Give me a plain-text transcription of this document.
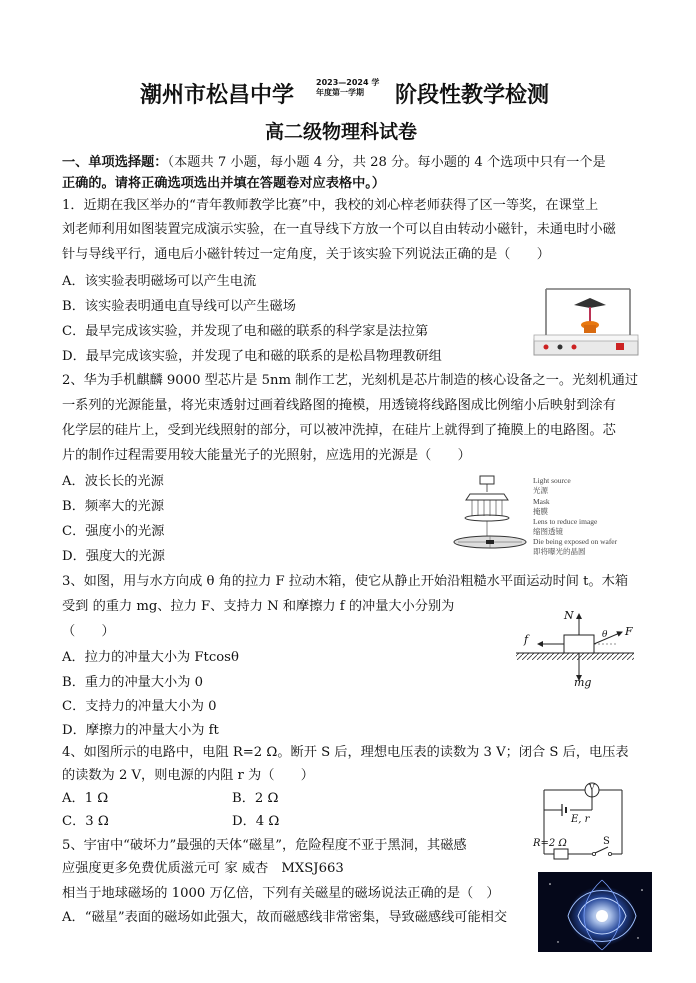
潮州市松昌中学
2023—2024 学
年度第一学期	阶段性教学检测
高二级物理科试卷
一、单项选择题：（本题共 7 小题，每小题 4 分，共 28 分。每小题的 4 个选项中只有一个是
正确的。请将正确选项选出并填在答题卷对应表格中。）
1．近期在我区举办的“青年教师教学比赛”中，我校的刘心梓老师获得了区一等奖，在课堂上
刘老师利用如图装置完成演示实验，在一直导线下方放一个可以自由转动小磁针，未通电时小磁
针与导线平行，通电后小磁针转过一定角度，关于该实验下列说法正确的是（　　）
A．该实验表明磁场可以产生电流
B．该实验表明通电直导线可以产生磁场
C．最早完成该实验，并发现了电和磁的联系的科学家是法拉第
D．最早完成该实验，并发现了电和磁的联系的是松昌物理教研组
2、华为手机麒麟 9000 型芯片是 5nm 制作工艺，光刻机是芯片制造的核心设备之一。光刻机通过
一系列的光源能量，将光束透射过画着线路图的掩模，用透镜将线路图成比例缩小后映射到涂有
化学层的硅片上，受到光线照射的部分，可以被冲洗掉，在硅片上就得到了掩膜上的电路图。芯
片的制作过程需要用较大能量光子的光照射，应选用的光源是（　　）
A．波长长的光源
B．频率大的光源
C．强度小的光源
D．强度大的光源
Light source
光源
Mask
掩膜
Lens to reduce image
缩图透镜
Die being exposed on wafer
即将曝光的晶圆
3、如图，用与水方向成 θ 角的拉力 F 拉动木箱，使它从静止开始沿粗糙水平面运动时间 t。木箱
受到 的重力 mg、拉力 F、支持力 N 和摩擦力 f 的冲量大小分别为
（　　）
A．拉力的冲量大小为 Ftcosθ
B．重力的冲量大小为 0
C．支持力的冲量大小为 0
D．摩擦力的冲量大小为 ft
N
F
f	θ
mg
4、如图所示的电路中，电阻 R=2 Ω。断开 S 后，理想电压表的读数为 3 V；闭合 S 后，电压表
的读数为 2 V，则电源的内阻 r 为（　　）
A．1 Ω	B．2 Ω
C．3 Ω	D．4 Ω
V
E, r
R=2 Ω	S
5、宇宙中“破坏力”最强的天体“磁星”，危险程度不亚于黑洞，其磁感
应强度更多免费优质滋元可 家 威杏　MXSJ663
相当于地球磁场的 1000 万亿倍，下列有关磁星的磁场说法正确的是（　）
A．“磁星”表面的磁场如此强大，故而磁感线非常密集，导致磁感线可能相交
